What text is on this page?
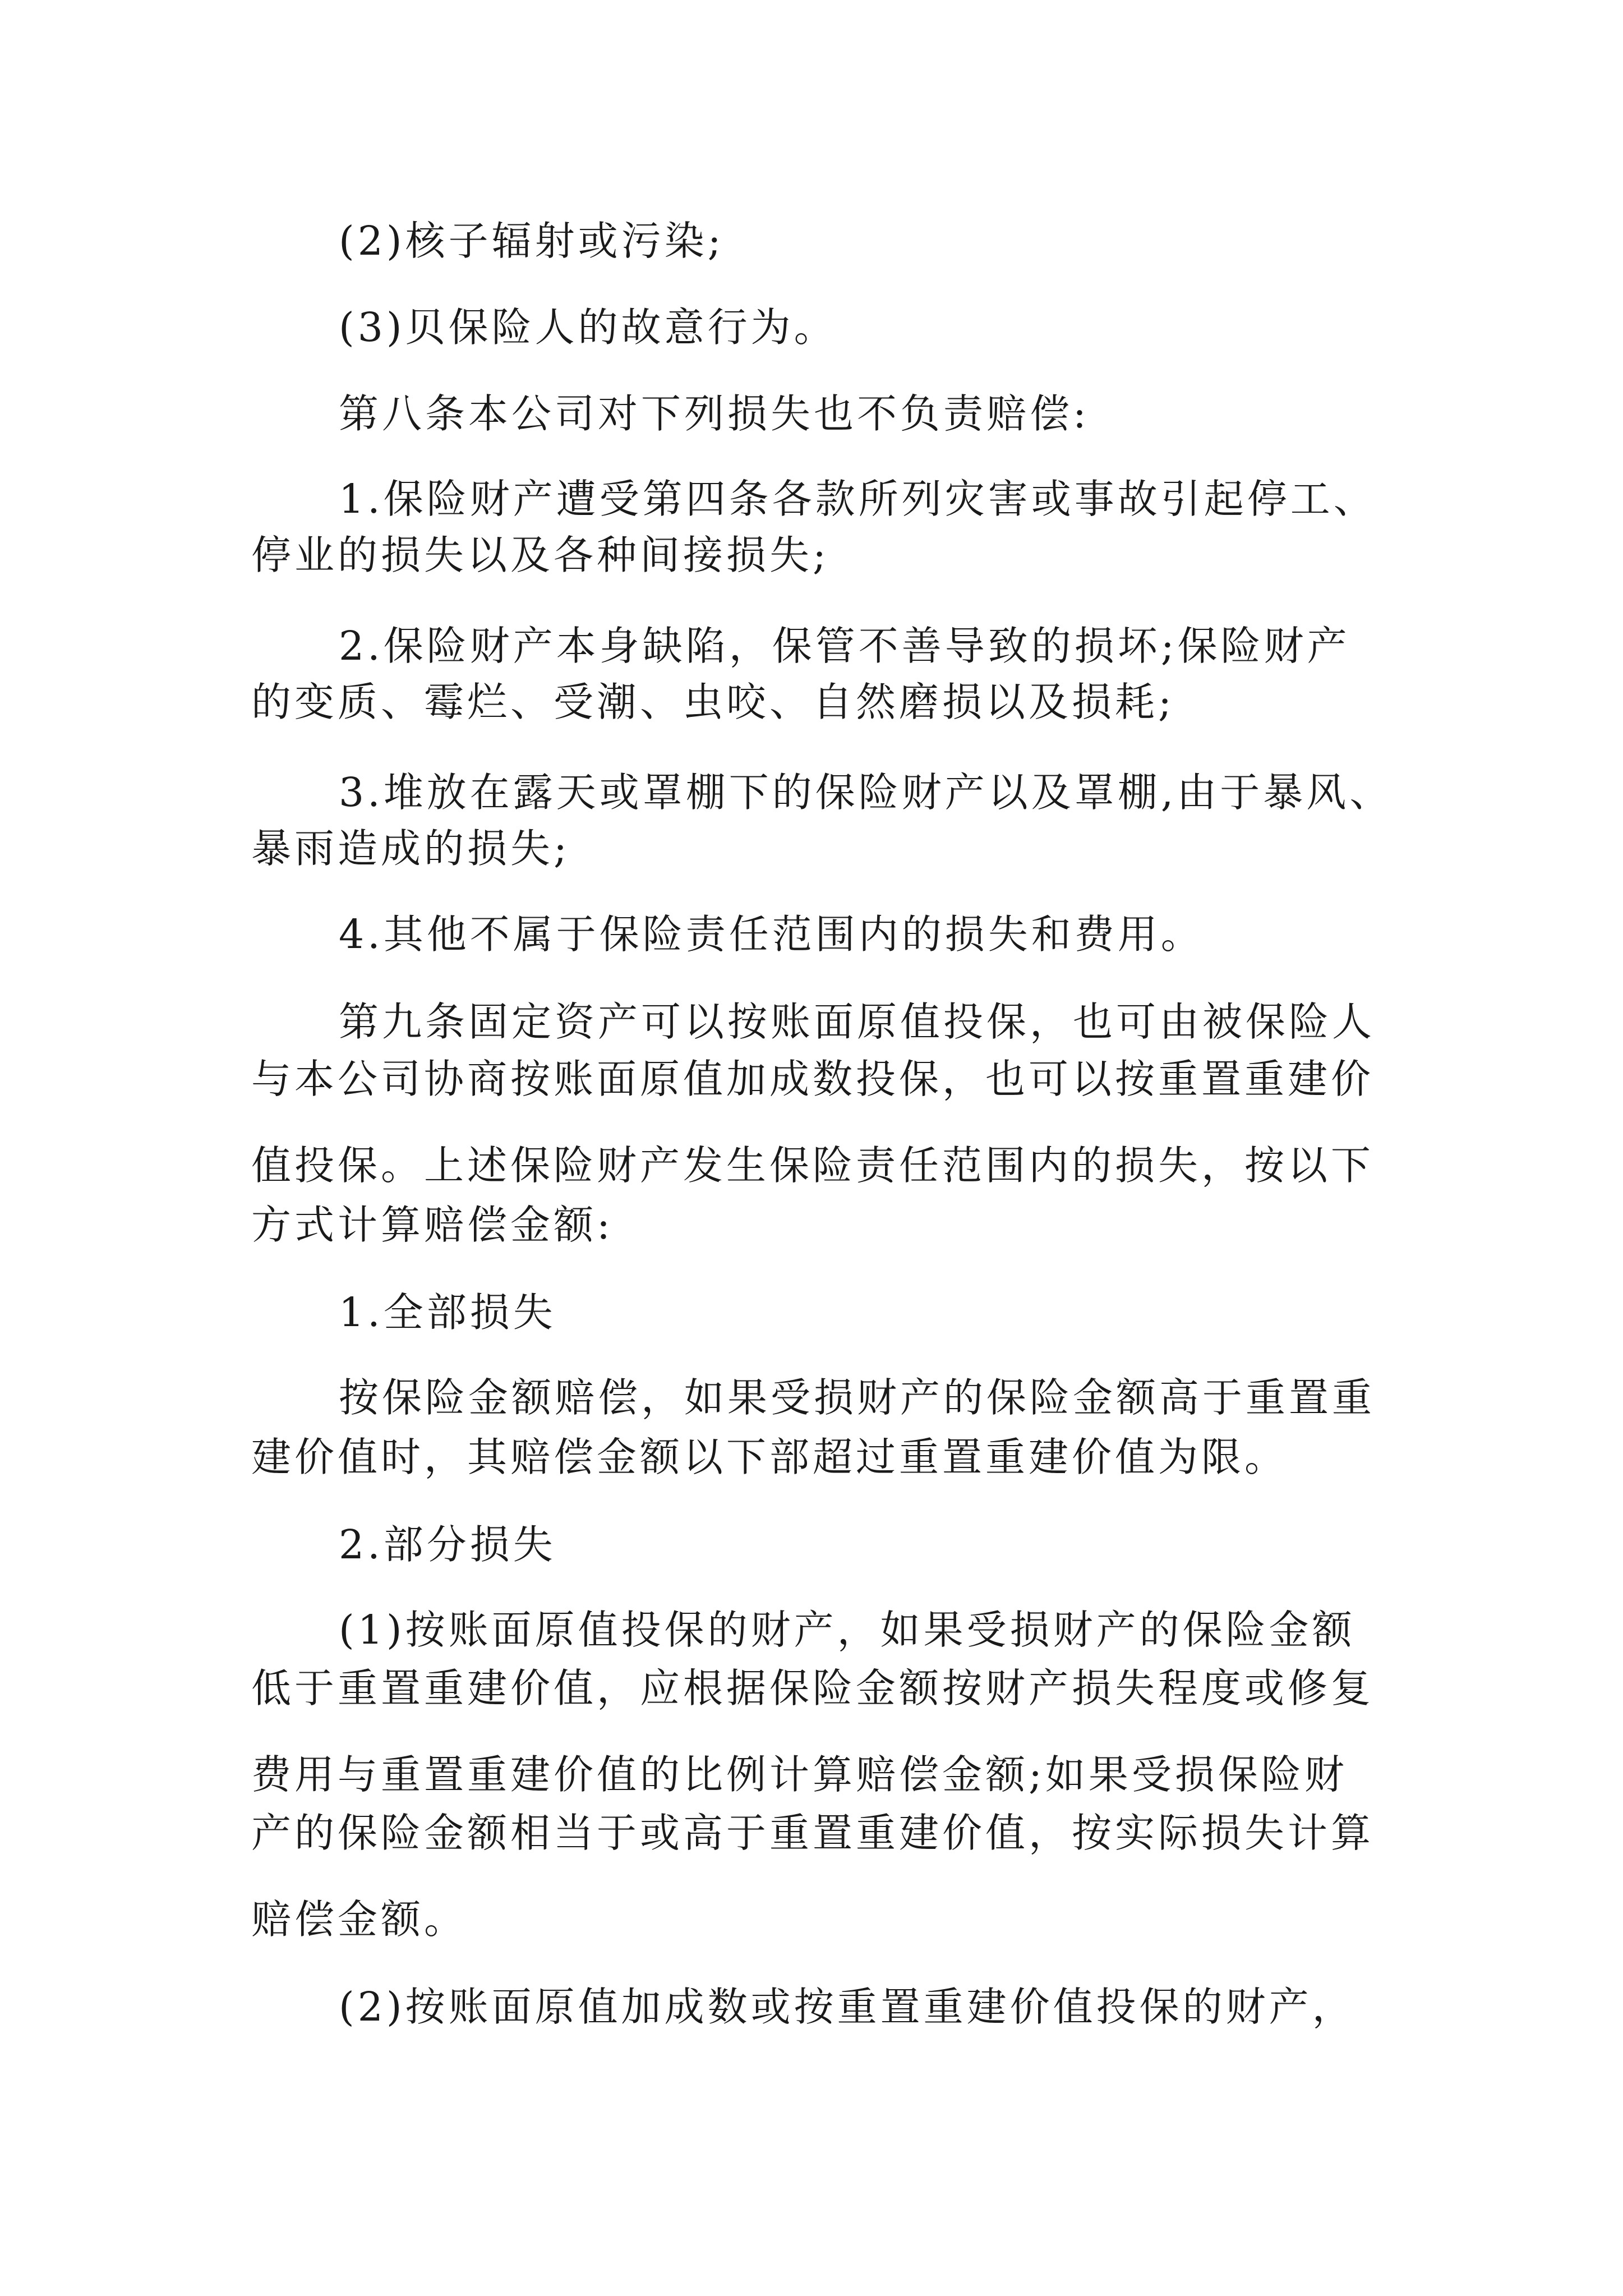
(2)核子辐射或污染;

(3)贝保险人的故意行为。

第八条本公司对下列损失也不负责赔偿:

1.保险财产遭受第四条各款所列灾害或事故引起停工、

停业的损失以及各种间接损失;

2.保险财产本身缺陷，保管不善导致的损坏;保险财产

的变质、霉烂、受潮、虫咬、自然磨损以及损耗;

3.堆放在露天或罩棚下的保险财产以及罩棚,由于暴风、

暴雨造成的损失;

4.其他不属于保险责任范围内的损失和费用。

第九条固定资产可以按账面原值投保，也可由被保险人

与本公司协商按账面原值加成数投保，也可以按重置重建价

值投保。上述保险财产发生保险责任范围内的损失，按以下

方式计算赔偿金额:

1.全部损失

按保险金额赔偿，如果受损财产的保险金额高于重置重

建价值时，其赔偿金额以下部超过重置重建价值为限。

2.部分损失

(1)按账面原值投保的财产，如果受损财产的保险金额

低于重置重建价值，应根据保险金额按财产损失程度或修复

费用与重置重建价值的比例计算赔偿金额;如果受损保险财

产的保险金额相当于或高于重置重建价值，按实际损失计算

赔偿金额。

(2)按账面原值加成数或按重置重建价值投保的财产，
